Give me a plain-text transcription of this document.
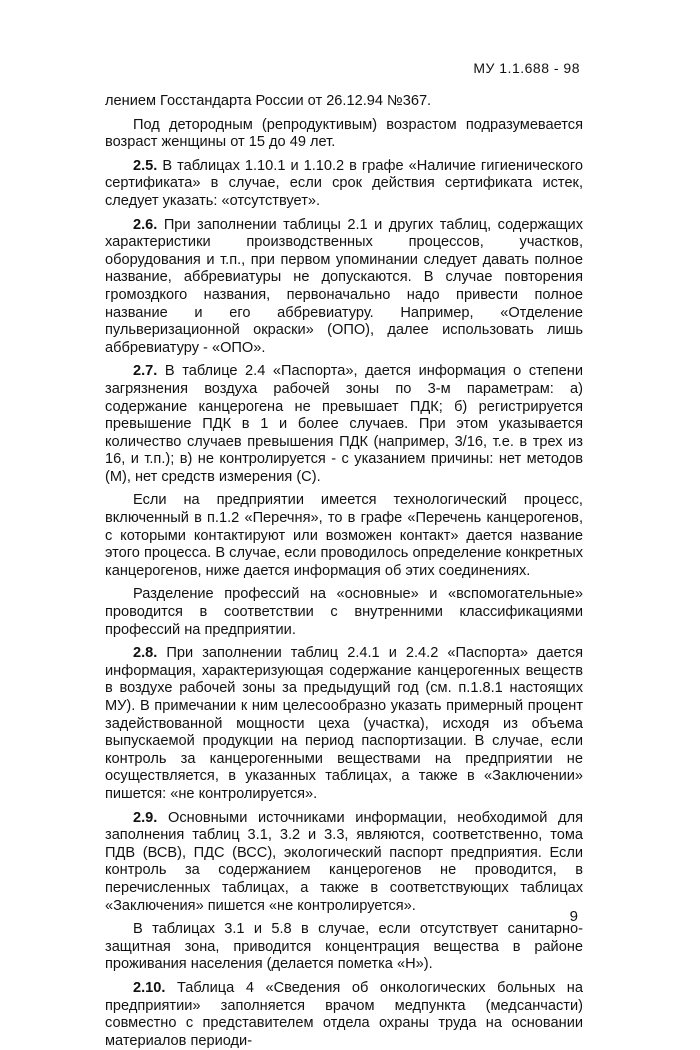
МУ 1.1.688 - 98

лением Госстандарта России от 26.12.94 №367.

Под детородным (репродуктивым) возрастом подразумевается возраст женщины от 15 до 49 лет.

2.5. В таблицах 1.10.1 и 1.10.2 в графе «Наличие гигиенического сертификата» в случае, если срок действия сертификата истек, следует указать: «отсутствует».

2.6. При заполнении таблицы 2.1 и других таблиц, содержащих характеристики производственных процессов, участков, оборудования и т.п., при первом упоминании следует давать полное название, аббревиатуры не допускаются. В случае повторения громоздкого названия, первоначально надо привести полное название и его аббревиатуру. Например, «Отделение пульверизационной окраски» (ОПО), далее использовать лишь аббревиатуру - «ОПО».

2.7. В таблице 2.4 «Паспорта», дается информация о степени загрязнения воздуха рабочей зоны по 3-м параметрам: а) содержание канцерогена не превышает ПДК; б) регистрируется превышение ПДК в 1 и более случаев. При этом указывается количество случаев превышения ПДК (например, 3/16, т.е. в трех из 16, и т.п.); в) не контролируется - с указанием причины: нет методов (М), нет средств измерения (С).

Если на предприятии имеется технологический процесс, включенный в п.1.2 «Перечня», то в графе «Перечень канцерогенов, с которыми контактируют или возможен контакт» дается название этого процесса. В случае, если проводилось определение конкретных канцерогенов, ниже дается информация об этих соединениях.

Разделение профессий на «основные» и «вспомогательные» проводится в соответствии с внутренними классификациями профессий на предприятии.

2.8. При заполнении таблиц 2.4.1 и 2.4.2 «Паспорта» дается информация, характеризующая содержание канцерогенных веществ в воздухе рабочей зоны за предыдущий год (см. п.1.8.1 настоящих МУ). В примечании к ним целесообразно указать примерный процент задействованной мощности цеха (участка), исходя из объема выпускаемой продукции на период паспортизации. В случае, если контроль за канцерогенными веществами на предприятии не осуществляется, в указанных таблицах, а также в «Заключении» пишется: «не контролируется».

2.9. Основными источниками информации, необходимой для заполнения таблиц 3.1, 3.2 и 3.3, являются, соответственно, тома ПДВ (ВСВ), ПДС (ВСС), экологический паспорт предприятия. Если контроль за содержанием канцерогенов не проводится, в перечисленных таблицах, а также в соответствующих таблицах «Заключения» пишется «не контролируется».

В таблицах 3.1 и 5.8 в случае, если отсутствует санитарно-защитная зона, приводится концентрация вещества в районе проживания населения (делается пометка «Н»).

2.10. Таблица 4 «Сведения об онкологических больных на предприятии» заполняется врачом медпункта (медсанчасти) совместно с представителем отдела охраны труда на основании материалов периоди-

9
